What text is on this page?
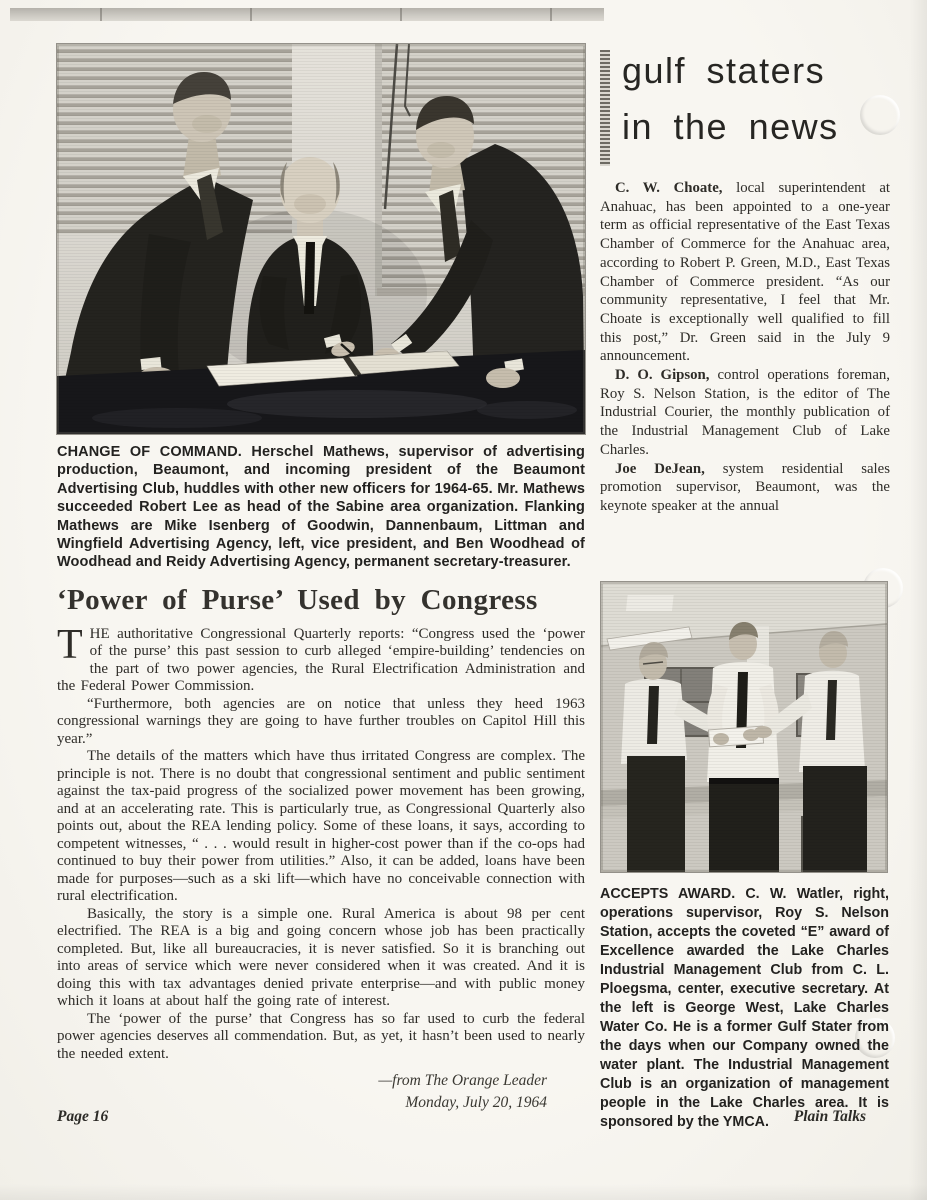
CHANGE OF COMMAND. Herschel Mathews, supervisor of advertising production, Beaumont, and incoming president of the Beaumont Advertising Club, huddles with other new officers for 1964-65. Mr. Mathews succeeded Robert Lee as head of the Sabine area organization. Flanking Mathews are Mike Isenberg of Goodwin, Dannenbaum, Littman and Wingfield Advertising Agency, left, vice president, and Ben Woodhead of Woodhead and Reidy Advertising Agency, permanent secretary-treasurer.
‘Power of Purse’ Used by Congress

THE authoritative Congressional Quarterly reports: “Congress used the ‘power of the purse’ this past session to curb alleged ‘empire-building’ tendencies on the part of two power agencies, the Rural Electrification Administration and the Federal Power Commission.

“Furthermore, both agencies are on notice that unless they heed 1963 congressional warnings they are going to have further troubles on Capitol Hill this year.”

The details of the matters which have thus irritated Congress are complex. The principle is not. There is no doubt that congressional sentiment and public sentiment against the tax-paid progress of the socialized power movement has been growing, and at an accelerating rate. This is particularly true, as Congressional Quarterly also points out, about the REA lending policy. Some of these loans, it says, according to competent witnesses, “ . . . would result in higher-cost power than if the co-ops had continued to buy their power from utilities.” Also, it can be added, loans have been made for purposes—such as a ski lift—which have no conceivable connection with rural electrification.

Basically, the story is a simple one. Rural America is about 98 per cent electrified. The REA is a big and going concern whose job has been practically completed. But, like all bureaucracies, it is never satisfied. So it is branching out into areas of service which were never considered when it was created. And it is doing this with tax advantages denied private enterprise—and with public money which it loans at about half the going rate of interest.

The ‘power of the purse’ that Congress has so far used to curb the federal power agencies deserves all commendation. But, as yet, it hasn’t been used to nearly the needed extent.

—from The Orange Leader
Monday, July 20, 1964
gulf staters
in the news

C. W. Choate, local superintendent at Anahuac, has been appointed to a one-year term as official representative of the East Texas Chamber of Commerce for the Anahuac area, according to Robert P. Green, M.D., East Texas Chamber of Commerce president. “As our community representative, I feel that Mr. Choate is exceptionally well qualified to fill this post,” Dr. Green said in the July 9 announcement.

D. O. Gipson, control operations foreman, Roy S. Nelson Station, is the editor of The Industrial Courier, the monthly publication of the Industrial Management Club of Lake Charles.

Joe DeJean, system residential sales promotion supervisor, Beaumont, was the keynote speaker at the annual

ACCEPTS AWARD. C. W. Watler, right, operations supervisor, Roy S. Nelson Station, accepts the coveted “E” award of Excellence awarded the Lake Charles Industrial Management Club from C. L. Ploegsma, center, executive secretary. At the left is George West, Lake Charles Water Co. He is a former Gulf Stater from the days when our Company owned the water plant. The Industrial Management Club is an organization of management people in the Lake Charles area. It is sponsored by the YMCA.
Page 16	Plain Talks
